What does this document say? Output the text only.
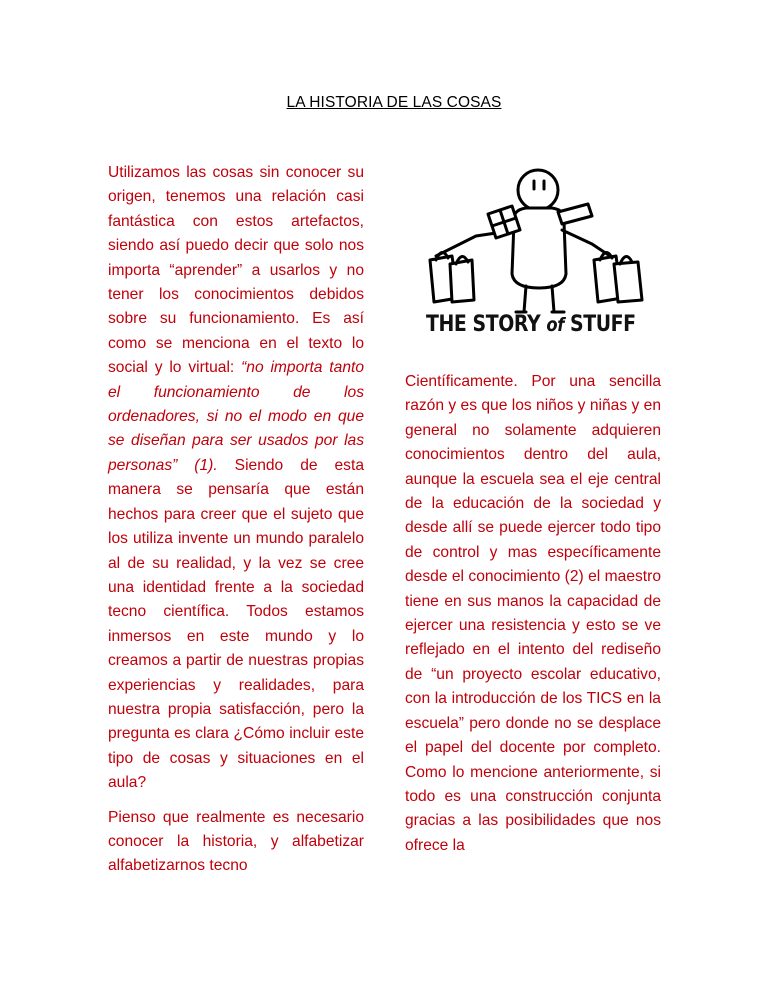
LA HISTORIA DE LAS COSAS

Utilizamos las cosas sin conocer su origen, tenemos una relación casi fantástica con estos artefactos, siendo así puedo decir que solo nos importa “aprender” a usarlos y no tener los conocimientos debidos sobre su funcionamiento. Es así como se menciona en el texto lo social y lo virtual: “no importa tanto el funcionamiento de los ordenadores, si no el modo en que se diseñan para ser usados por las personas” (1). Siendo de esta manera se pensaría que están hechos para creer que el sujeto que los utiliza invente un mundo paralelo al de su realidad, y la vez se cree una identidad frente a la sociedad tecno científica. Todos estamos inmersos en este mundo y lo creamos a partir de nuestras propias experiencias y realidades, para nuestra propia satisfacción, pero la pregunta es clara ¿Cómo incluir este tipo de cosas y situaciones en el aula?

Pienso que realmente es necesario conocer la historia, y alfabetizar alfabetizarnos tecno

THE STORY of STUFF

Científicamente. Por una sencilla razón y es que los niños y niñas y en general no solamente adquieren conocimientos dentro del aula, aunque la escuela sea el eje central de la educación de la sociedad y desde allí se puede ejercer todo tipo de control y mas específicamente desde el conocimiento (2) el maestro tiene en sus manos la capacidad de ejercer una resistencia y esto se ve reflejado en el intento del rediseño de “un proyecto escolar educativo, con la introducción de los TICS en la escuela” pero donde no se desplace el papel del docente por completo. Como lo mencione anteriormente, si todo es una construcción conjunta gracias a las posibilidades que nos ofrece la
